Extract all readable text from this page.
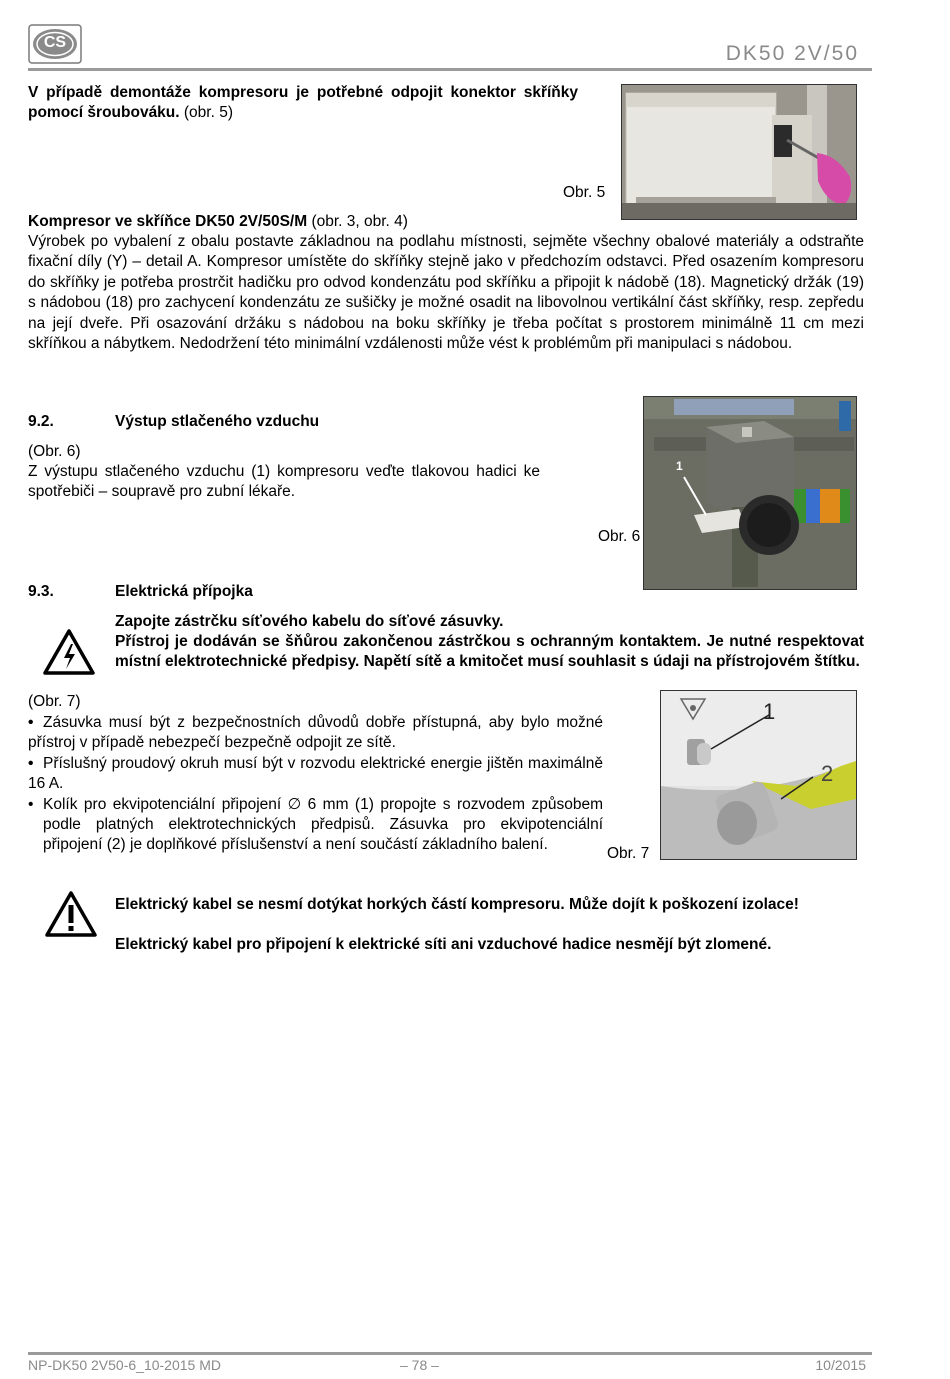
CS	DK50 2V/50
V případě demontáže kompresoru je potřebné odpojit konektor skříňky pomocí šroubováku. (obr. 5)
Obr. 5
Kompresor ve skříňce DK50 2V/50S/M (obr. 3, obr. 4)
Výrobek po vybalení z obalu postavte základnou na podlahu místnosti, sejměte všechny obalové materiály a odstraňte fixační díly (Y) – detail A. Kompresor umístěte do skříňky stejně jako v předchozím odstavci. Před osazením kompresoru do skříňky je potřeba prostrčit hadičku pro odvod kondenzátu pod skříňku a připojit k nádobě (18). Magnetický držák (19) s nádobou (18) pro zachycení kondenzátu ze sušičky je možné osadit na libovolnou vertikální část skříňky, resp. zepředu na její dveře. Při osazování držáku s nádobou na boku skříňky je třeba počítat s prostorem minimálně 11 cm mezi skříňkou a nábytkem. Nedodržení této minimální vzdálenosti může vést k problémům při manipulaci s nádobou.
9.2.	Výstup stlačeného vzduchu
(Obr. 6)
Z výstupu stlačeného vzduchu (1) kompresoru veďte tlakovou hadici ke spotřebiči – soupravě pro zubní lékaře.
Obr. 6
1
9.3.	Elektrická přípojka
Zapojte zástrčku síťového kabelu do síťové zásuvky.
Přístroj je dodáván se šňůrou zakončenou zástrčkou s ochranným kontaktem. Je nutné respektovat místní elektrotechnické předpisy. Napětí sítě a kmitočet musí souhlasit s údaji na přístrojovém štítku.
(Obr. 7)
• • Zásuvka musí být z bezpečnostních důvodů dobře přístupná, aby bylo možné přístroj v případě nebezpečí bezpečně odpojit ze sítě.
• • Příslušný proudový okruh musí být v rozvodu elektrické energie jištěn maximálně 16 A.
• Kolík pro ekvipotenciální připojení ∅ 6 mm (1) propojte s rozvodem způsobem podle platných elektrotechnických předpisů. Zásuvka pro ekvipotenciální připojení (2) je doplňkové příslušenství a není součástí základního balení.
Obr. 7
1
2
Elektrický kabel se nesmí dotýkat horkých částí kompresoru. Může dojít k poškození izolace!
Elektrický kabel pro připojení k elektrické síti ani vzduchové hadice nesmějí být zlomené.
NP-DK50 2V50-6_10-2015 MD	– 78 –	10/2015
